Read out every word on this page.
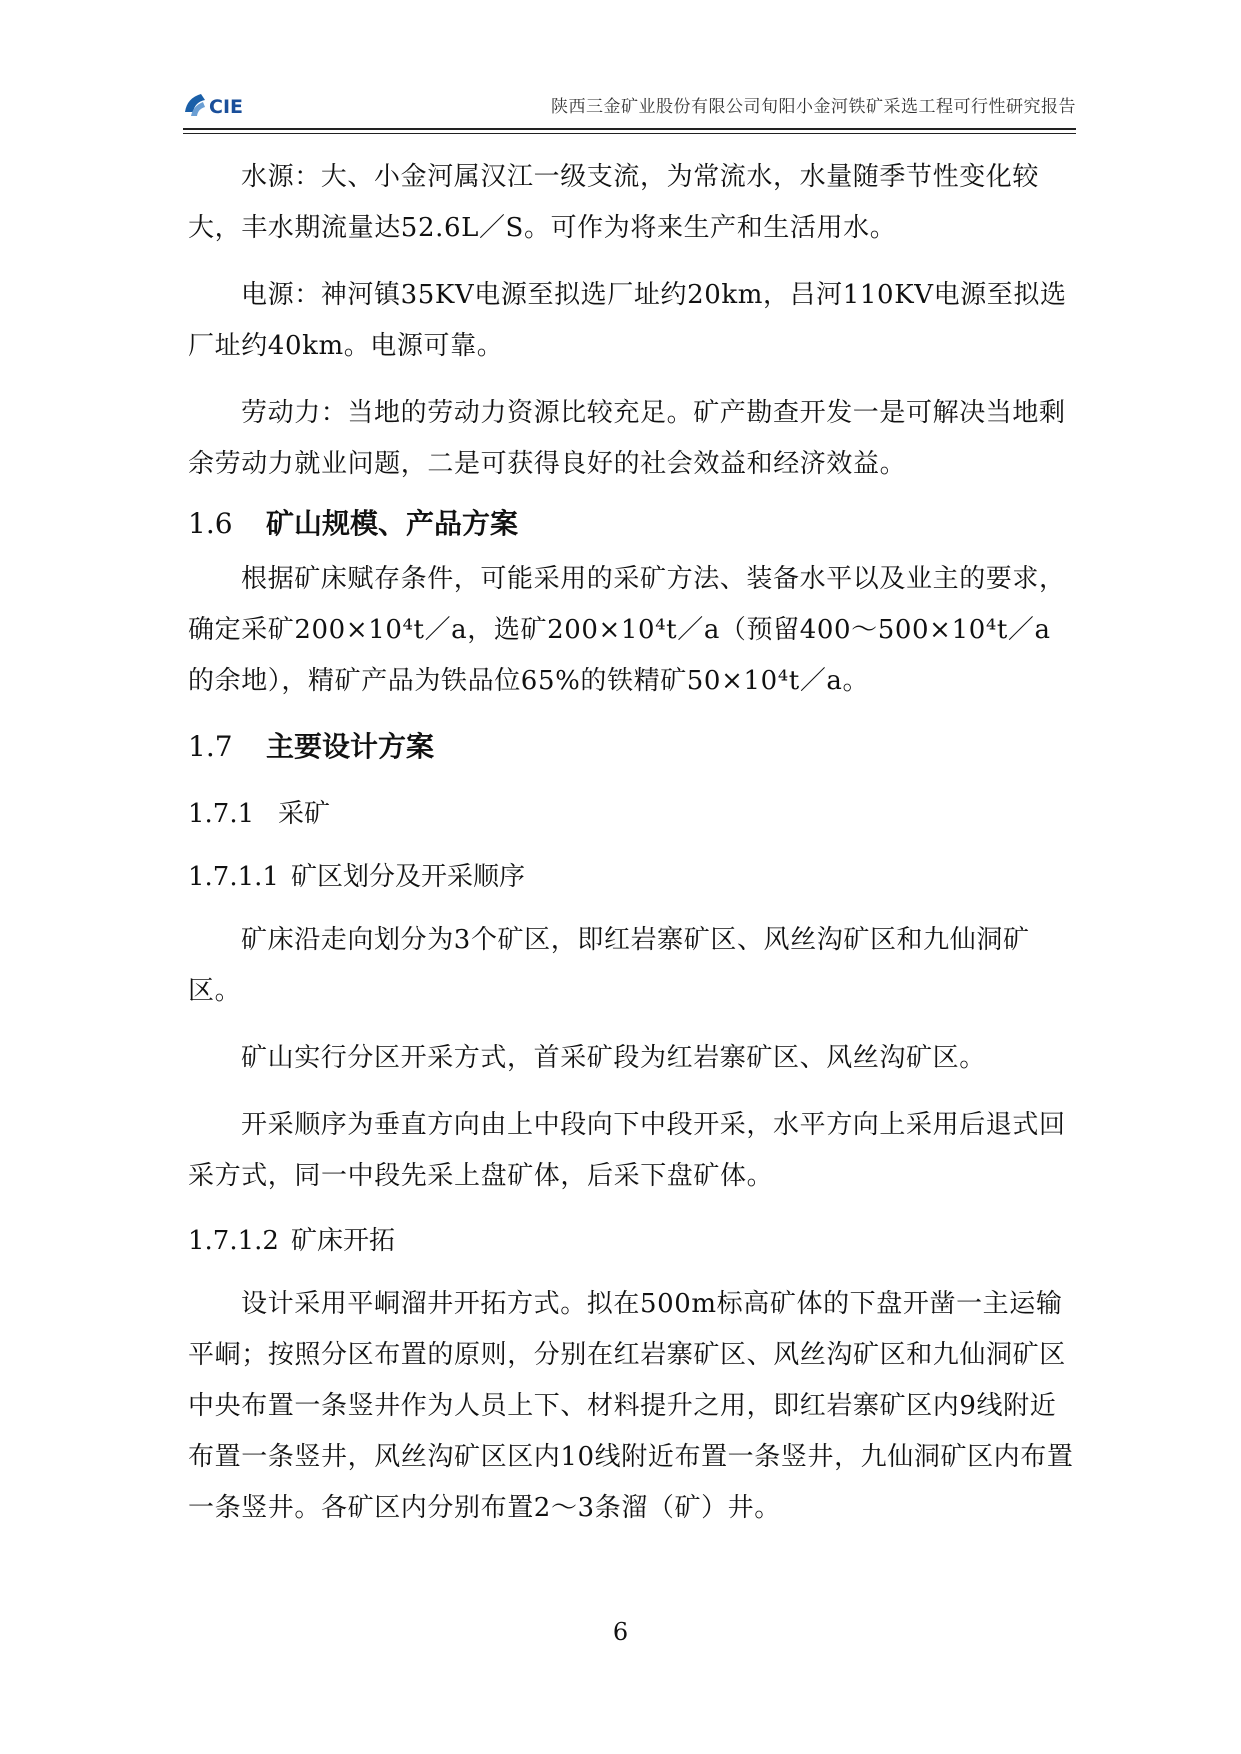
CIE	陕西三金矿业股份有限公司旬阳小金河铁矿采选工程可行性研究报告

水源：大、小金河属汉江一级支流，为常流水，水量随季节性变化较大，丰水期流量达52.6L／S。可作为将来生产和生活用水。

电源：神河镇35KV电源至拟选厂址约20km，吕河110KV电源至拟选厂址约40km。电源可靠。

劳动力：当地的劳动力资源比较充足。矿产勘查开发一是可解决当地剩余劳动力就业问题，二是可获得良好的社会效益和经济效益。

1.6 矿山规模、产品方案

根据矿床赋存条件，可能采用的采矿方法、装备水平以及业主的要求，确定采矿200×10⁴t／a，选矿200×10⁴t／a（预留400～500×10⁴t／a的余地），精矿产品为铁品位65%的铁精矿50×10⁴t／a。

1.7 主要设计方案
1.7.1 采矿
1.7.1.1 矿区划分及开采顺序

矿床沿走向划分为3个矿区，即红岩寨矿区、风丝沟矿区和九仙洞矿区。

矿山实行分区开采方式，首采矿段为红岩寨矿区、风丝沟矿区。

开采顺序为垂直方向由上中段向下中段开采，水平方向上采用后退式回采方式，同一中段先采上盘矿体，后采下盘矿体。

1.7.1.2 矿床开拓

设计采用平峒溜井开拓方式。拟在500m标高矿体的下盘开凿一主运输平峒；按照分区布置的原则，分别在红岩寨矿区、风丝沟矿区和九仙洞矿区中央布置一条竖井作为人员上下、材料提升之用，即红岩寨矿区内9线附近布置一条竖井，风丝沟矿区区内10线附近布置一条竖井，九仙洞矿区内布置一条竖井。各矿区内分别布置2～3条溜（矿）井。

6
